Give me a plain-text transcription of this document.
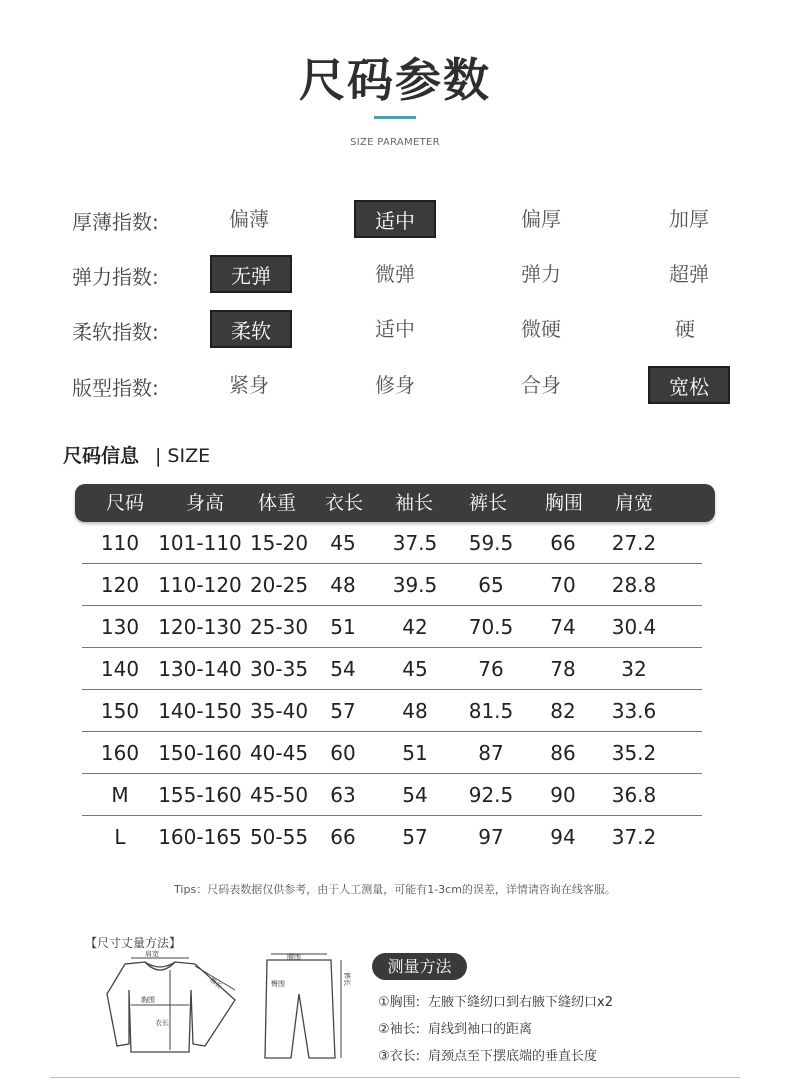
尺码参数
SIZE PARAMETER
厚薄指数:	偏薄	适中	偏厚	加厚
弹力指数:	无弹	微弹	弹力	超弹
柔软指数:	柔软	适中	微硬	硬
版型指数:	紧身	修身	合身	宽松
尺码信息 | SIZE
尺码	身高	体重	衣长	袖长	裤长	胸围	肩宽
110 101-110 15-20	45	37.5	59.5	66	27.2
120 110-120 20-25	48	39.5	65	70	28.8
130 120-130 25-30	51	42	70.5	74	30.4
140 130-140 30-35	54	45	76	78	32
150 140-150 35-40	57	48	81.5	82	33.6
160 150-160 40-45	60	51	87	86	35.2
M	155-160 45-50	63	54	92.5	90	36.8
L	160-165 50-55	66	57	97	94	37.2
Tips：尺码表数据仅供参考，由于人工测量，可能有1-3cm的误差，详情请咨询在线客服。
【尺寸丈量方法】
肩宽
袖长
胸围
衣长
腰围
臀围	裤长
测量方法
①胸围: 左腋下缝纫口到右腋下缝纫口x2
②袖长: 肩线到袖口的距离
③衣长: 肩颈点至下摆底端的垂直长度
